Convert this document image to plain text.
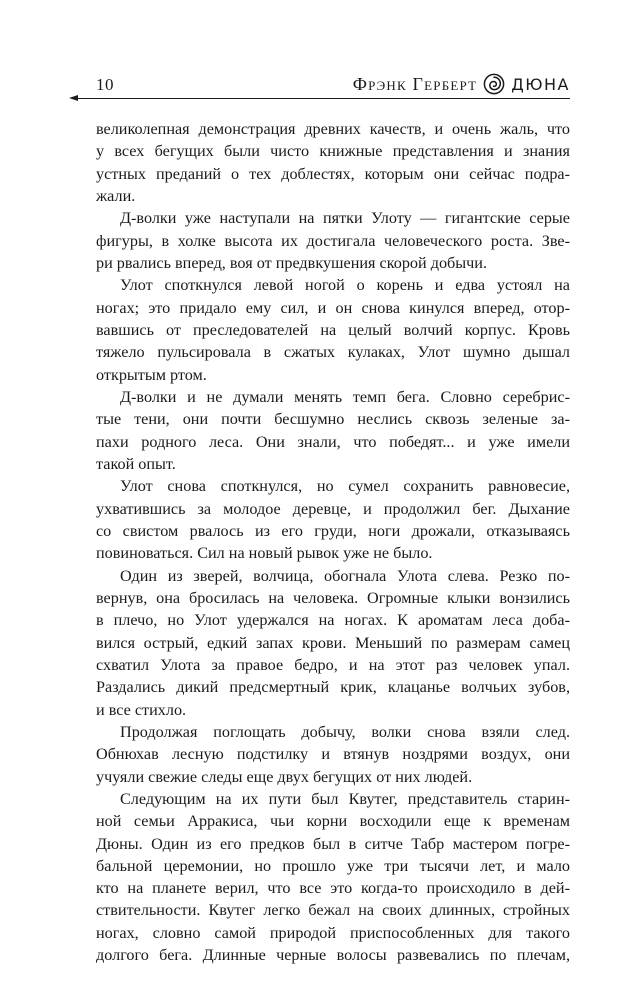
10	Фрэнк Герберт ДЮНА
великолепная демонстрация древних качеств, и очень жаль, что
у всех бегущих были чисто книжные представления и знания
устных преданий о тех доблестях, которым они сейчас подра-
жали.
Д-волки уже наступали на пятки Улоту — гигантские серые
фигуры, в холке высота их достигала человеческого роста. Зве-
ри рвались вперед, воя от предвкушения скорой добычи.
Улот споткнулся левой ногой о корень и едва устоял на
ногах; это придало ему сил, и он снова кинулся вперед, отор-
вавшись от преследователей на целый волчий корпус. Кровь
тяжело пульсировала в сжатых кулаках, Улот шумно дышал
открытым ртом.
Д-волки и не думали менять темп бега. Словно серебрис-
тые тени, они почти бесшумно неслись сквозь зеленые за-
пахи родного леса. Они знали, что победят... и уже имели
такой опыт.
Улот снова споткнулся, но сумел сохранить равновесие,
ухватившись за молодое деревце, и продолжил бег. Дыхание
со свистом рвалось из его груди, ноги дрожали, отказываясь
повиноваться. Сил на новый рывок уже не было.
Один из зверей, волчица, обогнала Улота слева. Резко по-
вернув, она бросилась на человека. Огромные клыки вонзились
в плечо, но Улот удержался на ногах. К ароматам леса доба-
вился острый, едкий запах крови. Меньший по размерам самец
схватил Улота за правое бедро, и на этот раз человек упал.
Раздались дикий предсмертный крик, клацанье волчьих зубов,
и все стихло.
Продолжая поглощать добычу, волки снова взяли след.
Обнюхав лесную подстилку и втянув ноздрями воздух, они
учуяли свежие следы еще двух бегущих от них людей.
Следующим на их пути был Квутег, представитель старин-
ной семьи Арракиса, чьи корни восходили еще к временам
Дюны. Один из его предков был в ситче Табр мастером погре-
бальной церемонии, но прошло уже три тысячи лет, и мало
кто на планете верил, что все это когда-то происходило в дей-
ствительности. Квутег легко бежал на своих длинных, стройных
ногах, словно самой природой приспособленных для такого
долгого бега. Длинные черные волосы развевались по плечам,
